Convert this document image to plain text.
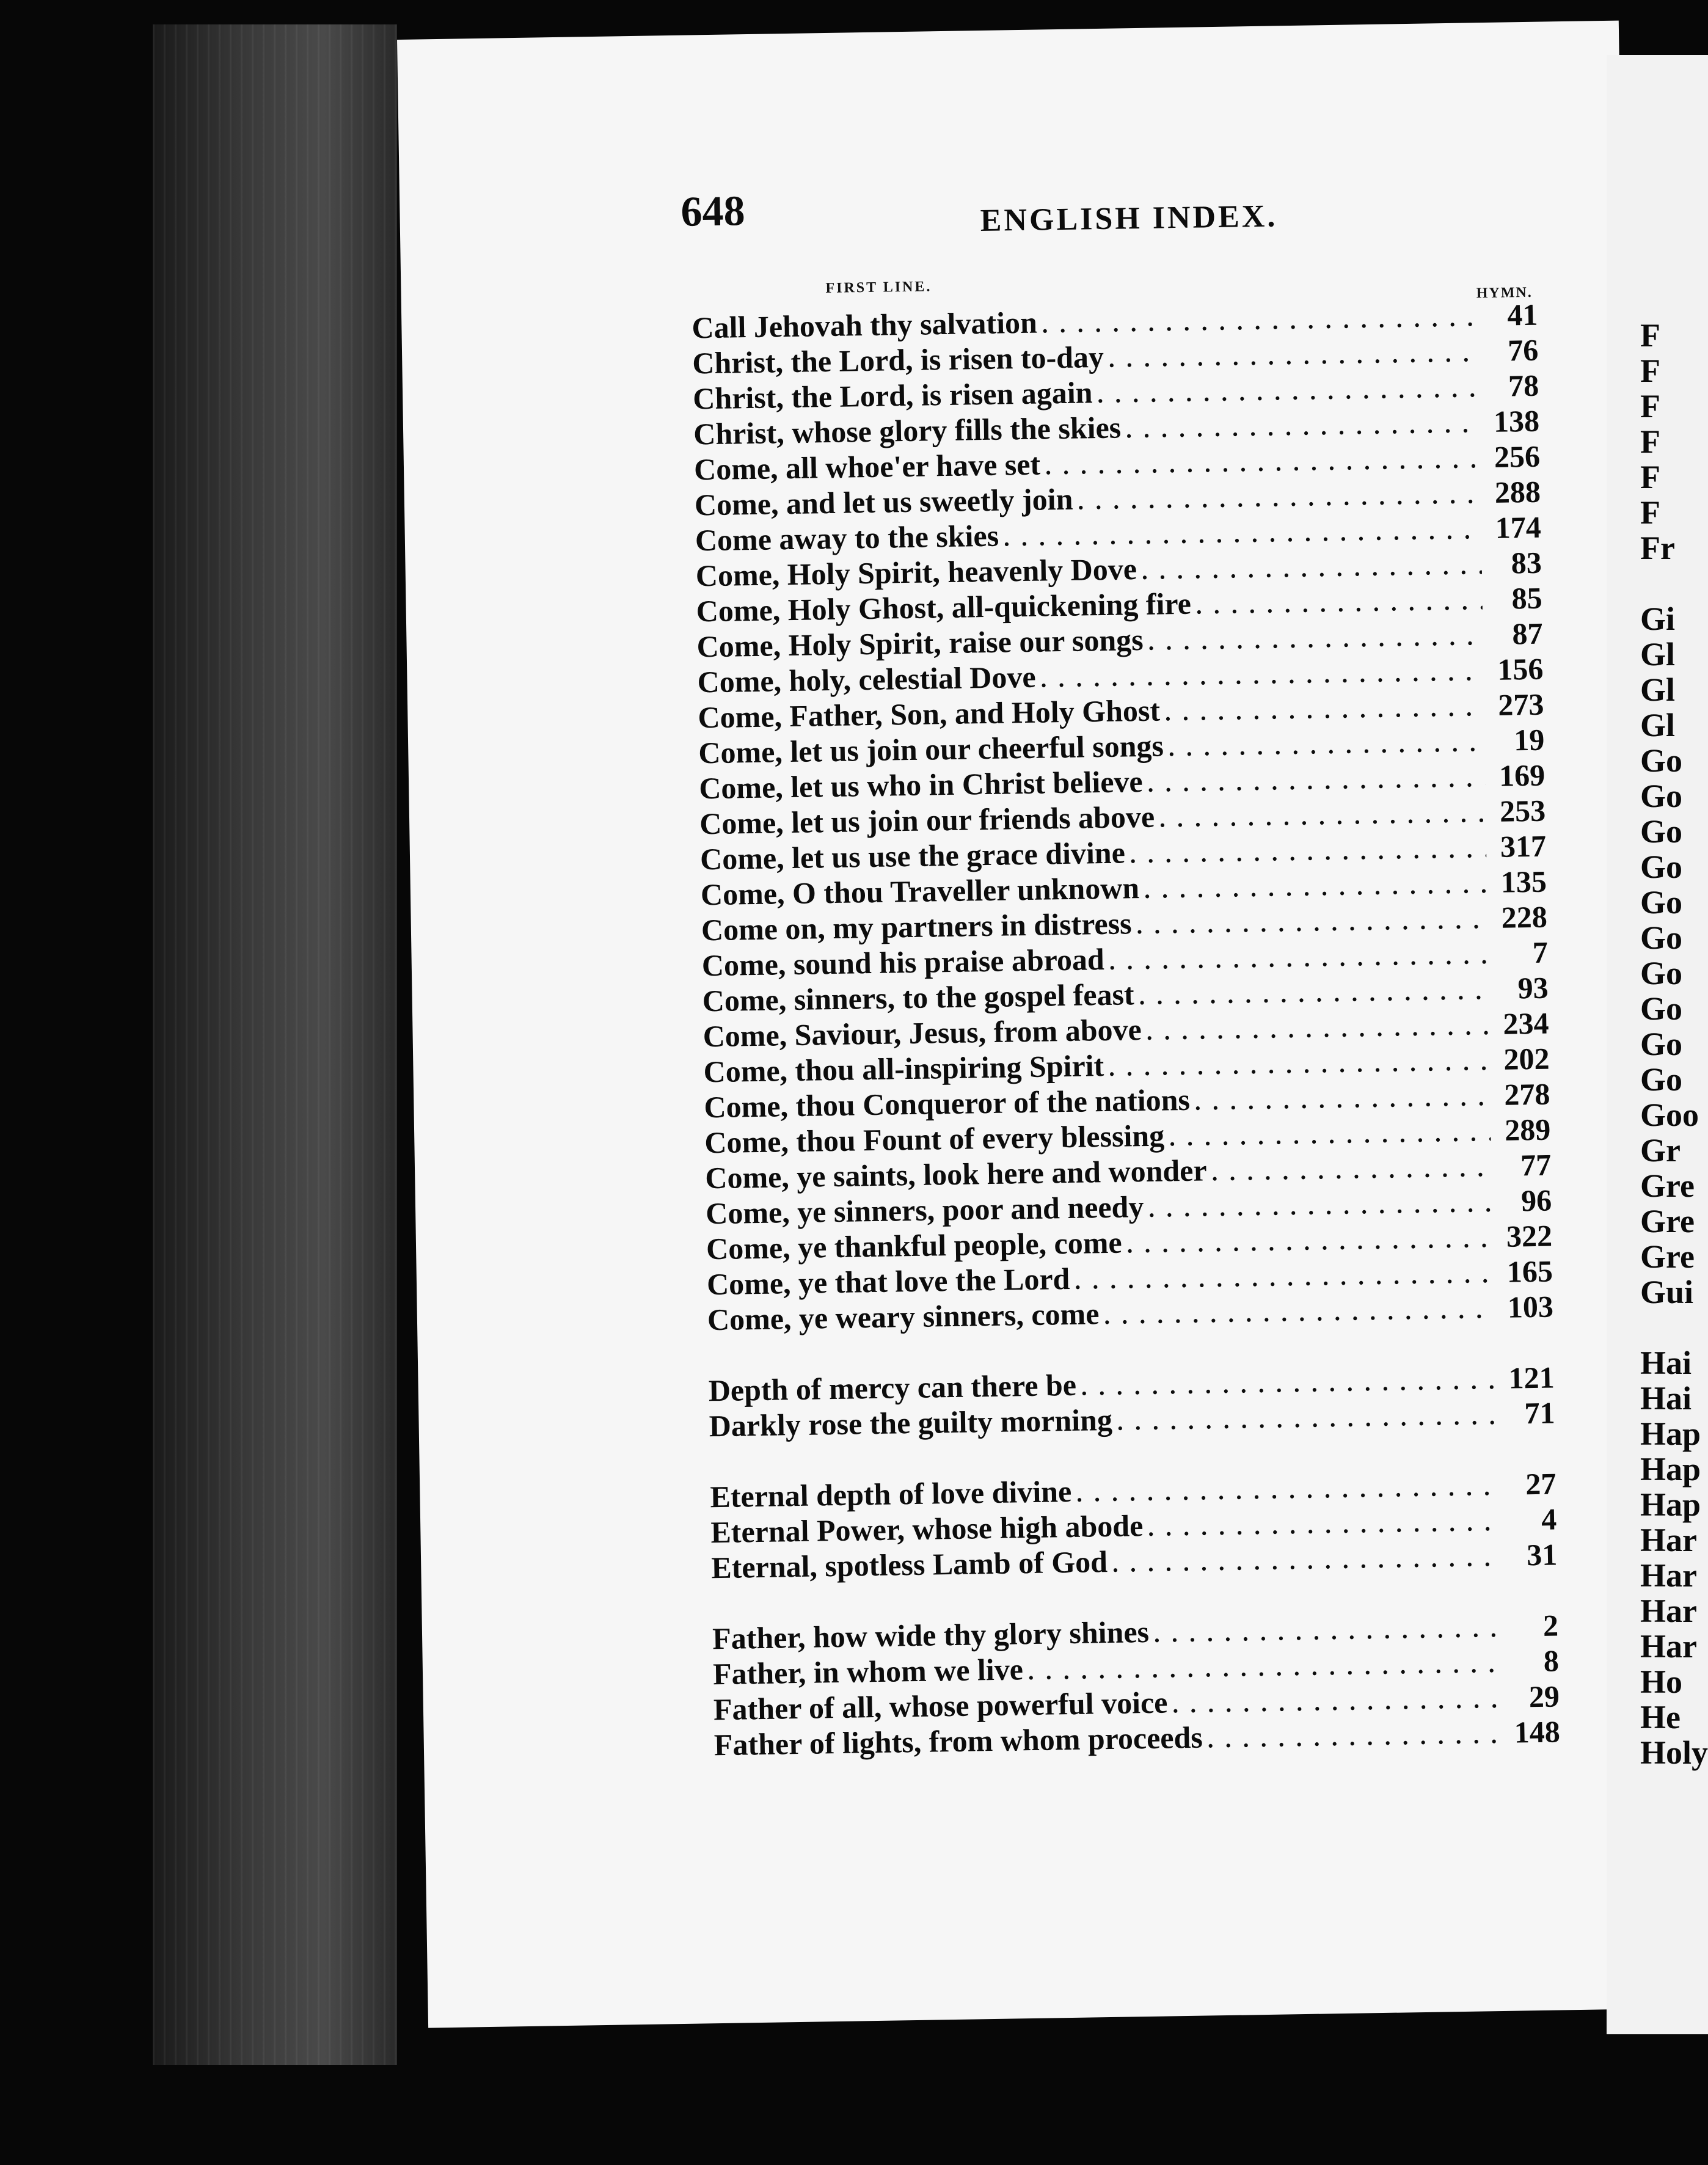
648	ENGLISH INDEX.
FIRST LINE.	HYMN.
Call Jehovah thy salvation . . .	41
Christ, the Lord, is risen to-day . . .	76
Christ, the Lord, is risen again . . .	78
Christ, whose glory fills the skies . . .	138
Come, all whoe'er have set . . .	256
Come, and let us sweetly join . . .	288
Come away to the skies . . .	174
Come, Holy Spirit, heavenly Dove . . .	83
Come, Holy Ghost, all-quickening fire . . .	85
Come, Holy Spirit, raise our songs . . .	87
Come, holy, celestial Dove . . .	156
Come, Father, Son, and Holy Ghost . . .	273
Come, let us join our cheerful songs . . .	19
Come, let us who in Christ believe . . .	169
Come, let us join our friends above . . .	253
Come, let us use the grace divine . . .	317
Come, O thou Traveller unknown . . .	135
Come on, my partners in distress . . .	228
Come, sound his praise abroad . . .	7
Come, sinners, to the gospel feast . . .	93
Come, Saviour, Jesus, from above . . .	234
Come, thou all-inspiring Spirit . . .	202
Come, thou Conqueror of the nations . . .	278
Come, thou Fount of every blessing . . .	289
Come, ye saints, look here and wonder . . .	77
Come, ye sinners, poor and needy . . .	96
Come, ye thankful people, come . . .	322
Come, ye that love the Lord . . .	165
Come, ye weary sinners, come . . .	103
Depth of mercy can there be . . .	121
Darkly rose the guilty morning . . .	71
Eternal depth of love divine . . .	27
Eternal Power, whose high abode . . .	4
Eternal, spotless Lamb of God . . .	31
Father, how wide thy glory shines . . .	2
Father, in whom we live . . .	8
Father of all, whose powerful voice . . .	29
Father of lights, from whom proceeds . . .	148
F
F
F
F
F
F
Fr
Gi
Gl
Gl
Gl
Go
Go
Go
Go
Go
Go
Go
Go
Go
Go
Goo
Gr
Gre
Gre
Gre
Gui
Hai
Hai
Hap
Hap
Hap
Har
Har
Har
Har
Ho
He
Holy
